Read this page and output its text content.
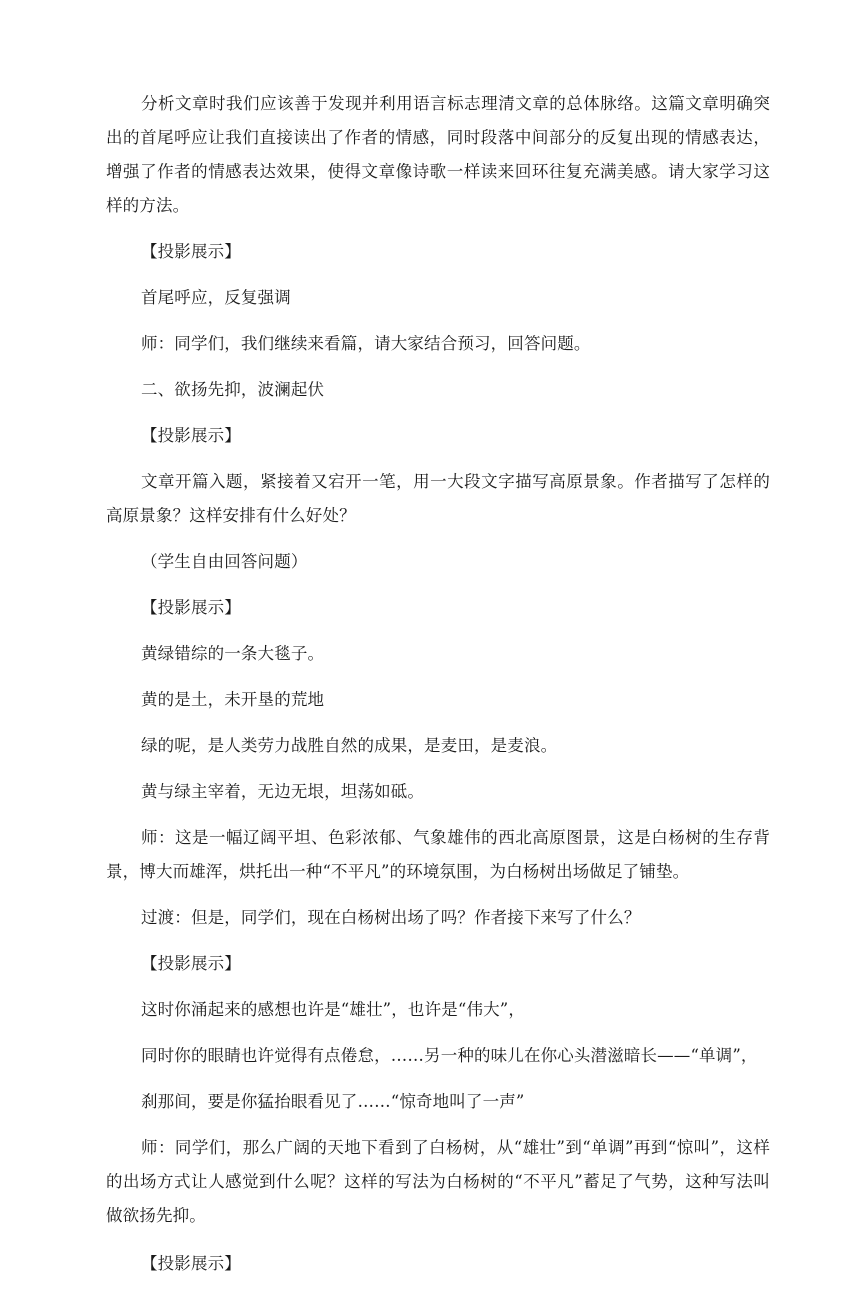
分析文章时我们应该善于发现并利用语言标志理清文章的总体脉络。这篇文章明确突出的首尾呼应让我们直接读出了作者的情感，同时段落中间部分的反复出现的情感表达，增强了作者的情感表达效果，使得文章像诗歌一样读来回环往复充满美感。请大家学习这样的方法。

【投影展示】

首尾呼应，反复强调

师：同学们，我们继续来看篇，请大家结合预习，回答问题。

二、欲扬先抑，波澜起伏

【投影展示】

文章开篇入题，紧接着又宕开一笔，用一大段文字描写高原景象。作者描写了怎样的高原景象？这样安排有什么好处？

（学生自由回答问题）

【投影展示】

黄绿错综的一条大毯子。

黄的是土，未开垦的荒地

绿的呢，是人类劳力战胜自然的成果，是麦田，是麦浪。

黄与绿主宰着，无边无垠，坦荡如砥。

师：这是一幅辽阔平坦、色彩浓郁、气象雄伟的西北高原图景，这是白杨树的生存背景，博大而雄浑，烘托出一种“不平凡”的环境氛围，为白杨树出场做足了铺垫。

过渡：但是，同学们，现在白杨树出场了吗？作者接下来写了什么？

【投影展示】

这时你涌起来的感想也许是“雄壮”，也许是“伟大”，

同时你的眼睛也许觉得有点倦怠，……另一种的味儿在你心头潜滋暗长——“单调”，

刹那间，要是你猛抬眼看见了……“惊奇地叫了一声”

师：同学们，那么广阔的天地下看到了白杨树，从“雄壮”到“单调”再到“惊叫”，这样的出场方式让人感觉到什么呢？这样的写法为白杨树的“不平凡”蓄足了气势，这种写法叫做欲扬先抑。

【投影展示】
